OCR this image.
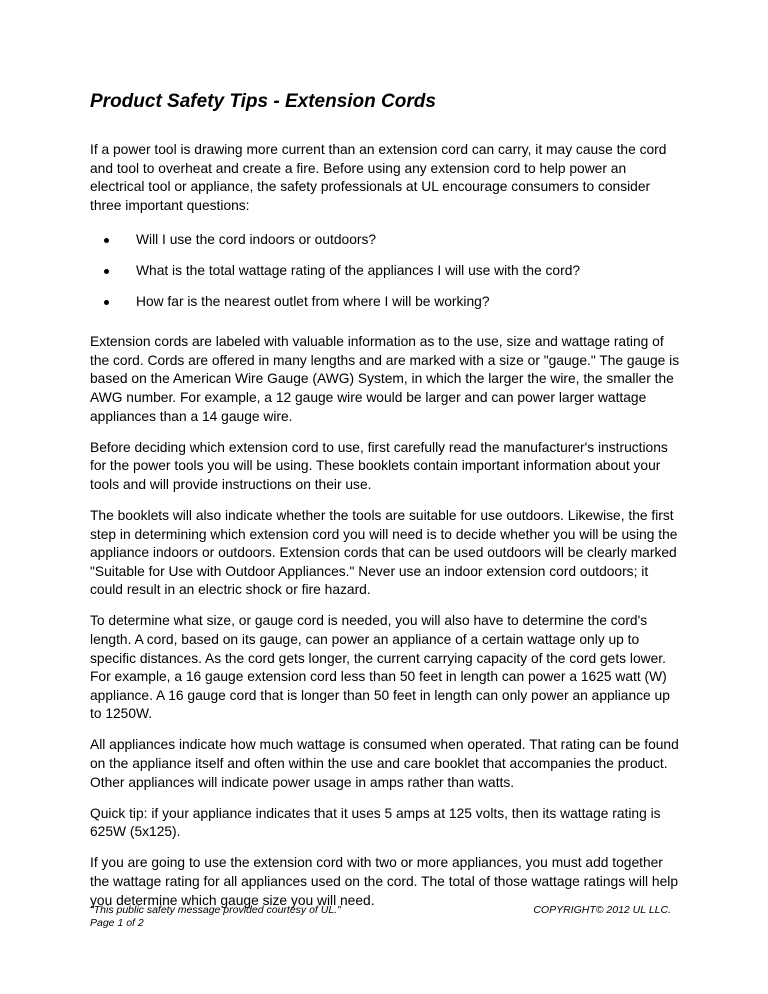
Product Safety Tips - Extension Cords

If a power tool is drawing more current than an extension cord can carry, it may cause the cord and tool to overheat and create a fire. Before using any extension cord to help power an electrical tool or appliance, the safety professionals at UL encourage consumers to consider three important questions:

Will I use the cord indoors or outdoors?
What is the total wattage rating of the appliances I will use with the cord?
How far is the nearest outlet from where I will be working?

Extension cords are labeled with valuable information as to the use, size and wattage rating of the cord. Cords are offered in many lengths and are marked with a size or "gauge." The gauge is based on the American Wire Gauge (AWG) System, in which the larger the wire, the smaller the AWG number. For example, a 12 gauge wire would be larger and can power larger wattage appliances than a 14 gauge wire.

Before deciding which extension cord to use, first carefully read the manufacturer's instructions for the power tools you will be using. These booklets contain important information about your tools and will provide instructions on their use.

The booklets will also indicate whether the tools are suitable for use outdoors. Likewise, the first step in determining which extension cord you will need is to decide whether you will be using the appliance indoors or outdoors. Extension cords that can be used outdoors will be clearly marked "Suitable for Use with Outdoor Appliances." Never use an indoor extension cord outdoors; it could result in an electric shock or fire hazard.

To determine what size, or gauge cord is needed, you will also have to determine the cord's length. A cord, based on its gauge, can power an appliance of a certain wattage only up to specific distances. As the cord gets longer, the current carrying capacity of the cord gets lower. For example, a 16 gauge extension cord less than 50 feet in length can power a 1625 watt (W) appliance. A 16 gauge cord that is longer than 50 feet in length can only power an appliance up to 1250W.

All appliances indicate how much wattage is consumed when operated. That rating can be found on the appliance itself and often within the use and care booklet that accompanies the product. Other appliances will indicate power usage in amps rather than watts.

Quick tip: if your appliance indicates that it uses 5 amps at 125 volts, then its wattage rating is 625W (5x125).

If you are going to use the extension cord with two or more appliances, you must add together the wattage rating for all appliances used on the cord. The total of those wattage ratings will help you determine which gauge size you will need.

"This public safety message provided courtesy of UL."
Page 1 of 2
COPYRIGHT© 2012 UL LLC.
